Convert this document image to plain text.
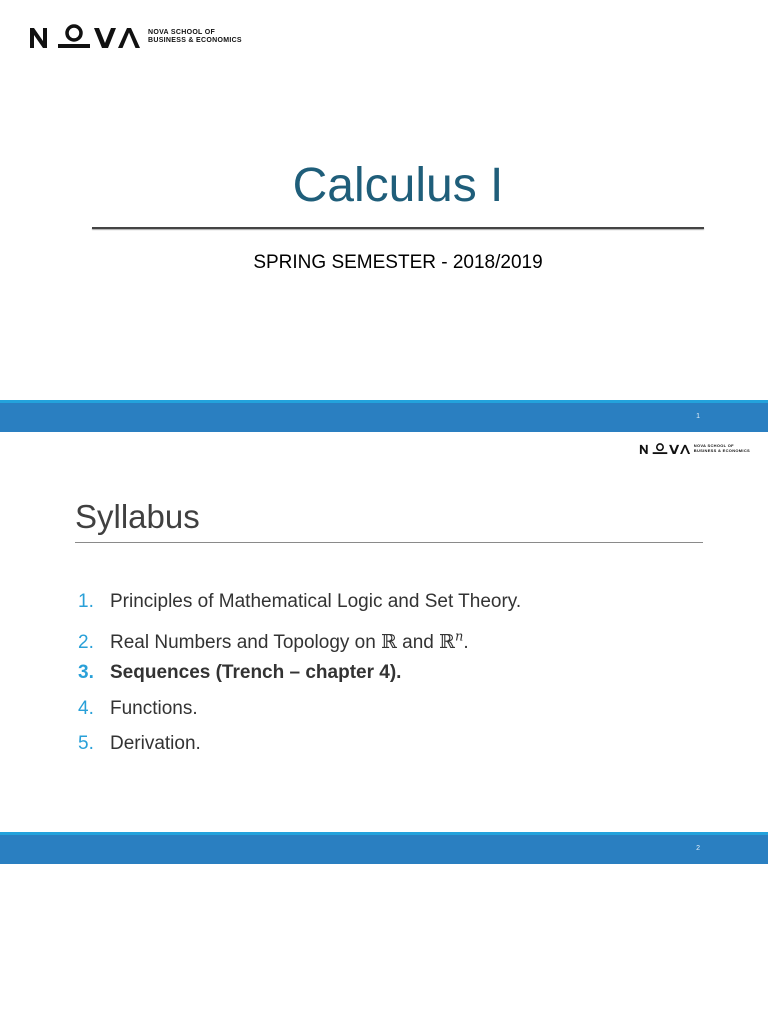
NOVA SCHOOL OF
BUSINESS & ECONOMICS
Calculus I
SPRING SEMESTER - 2018/2019
1
NOVA SCHOOL OF
BUSINESS & ECONOMICS
Syllabus
1. Principles of Mathematical Logic and Set Theory.
2. Real Numbers and Topology on ℝ and ℝ$^n$.
3. Sequences (Trench – chapter 4).
4. Functions.
5. Derivation.
2
